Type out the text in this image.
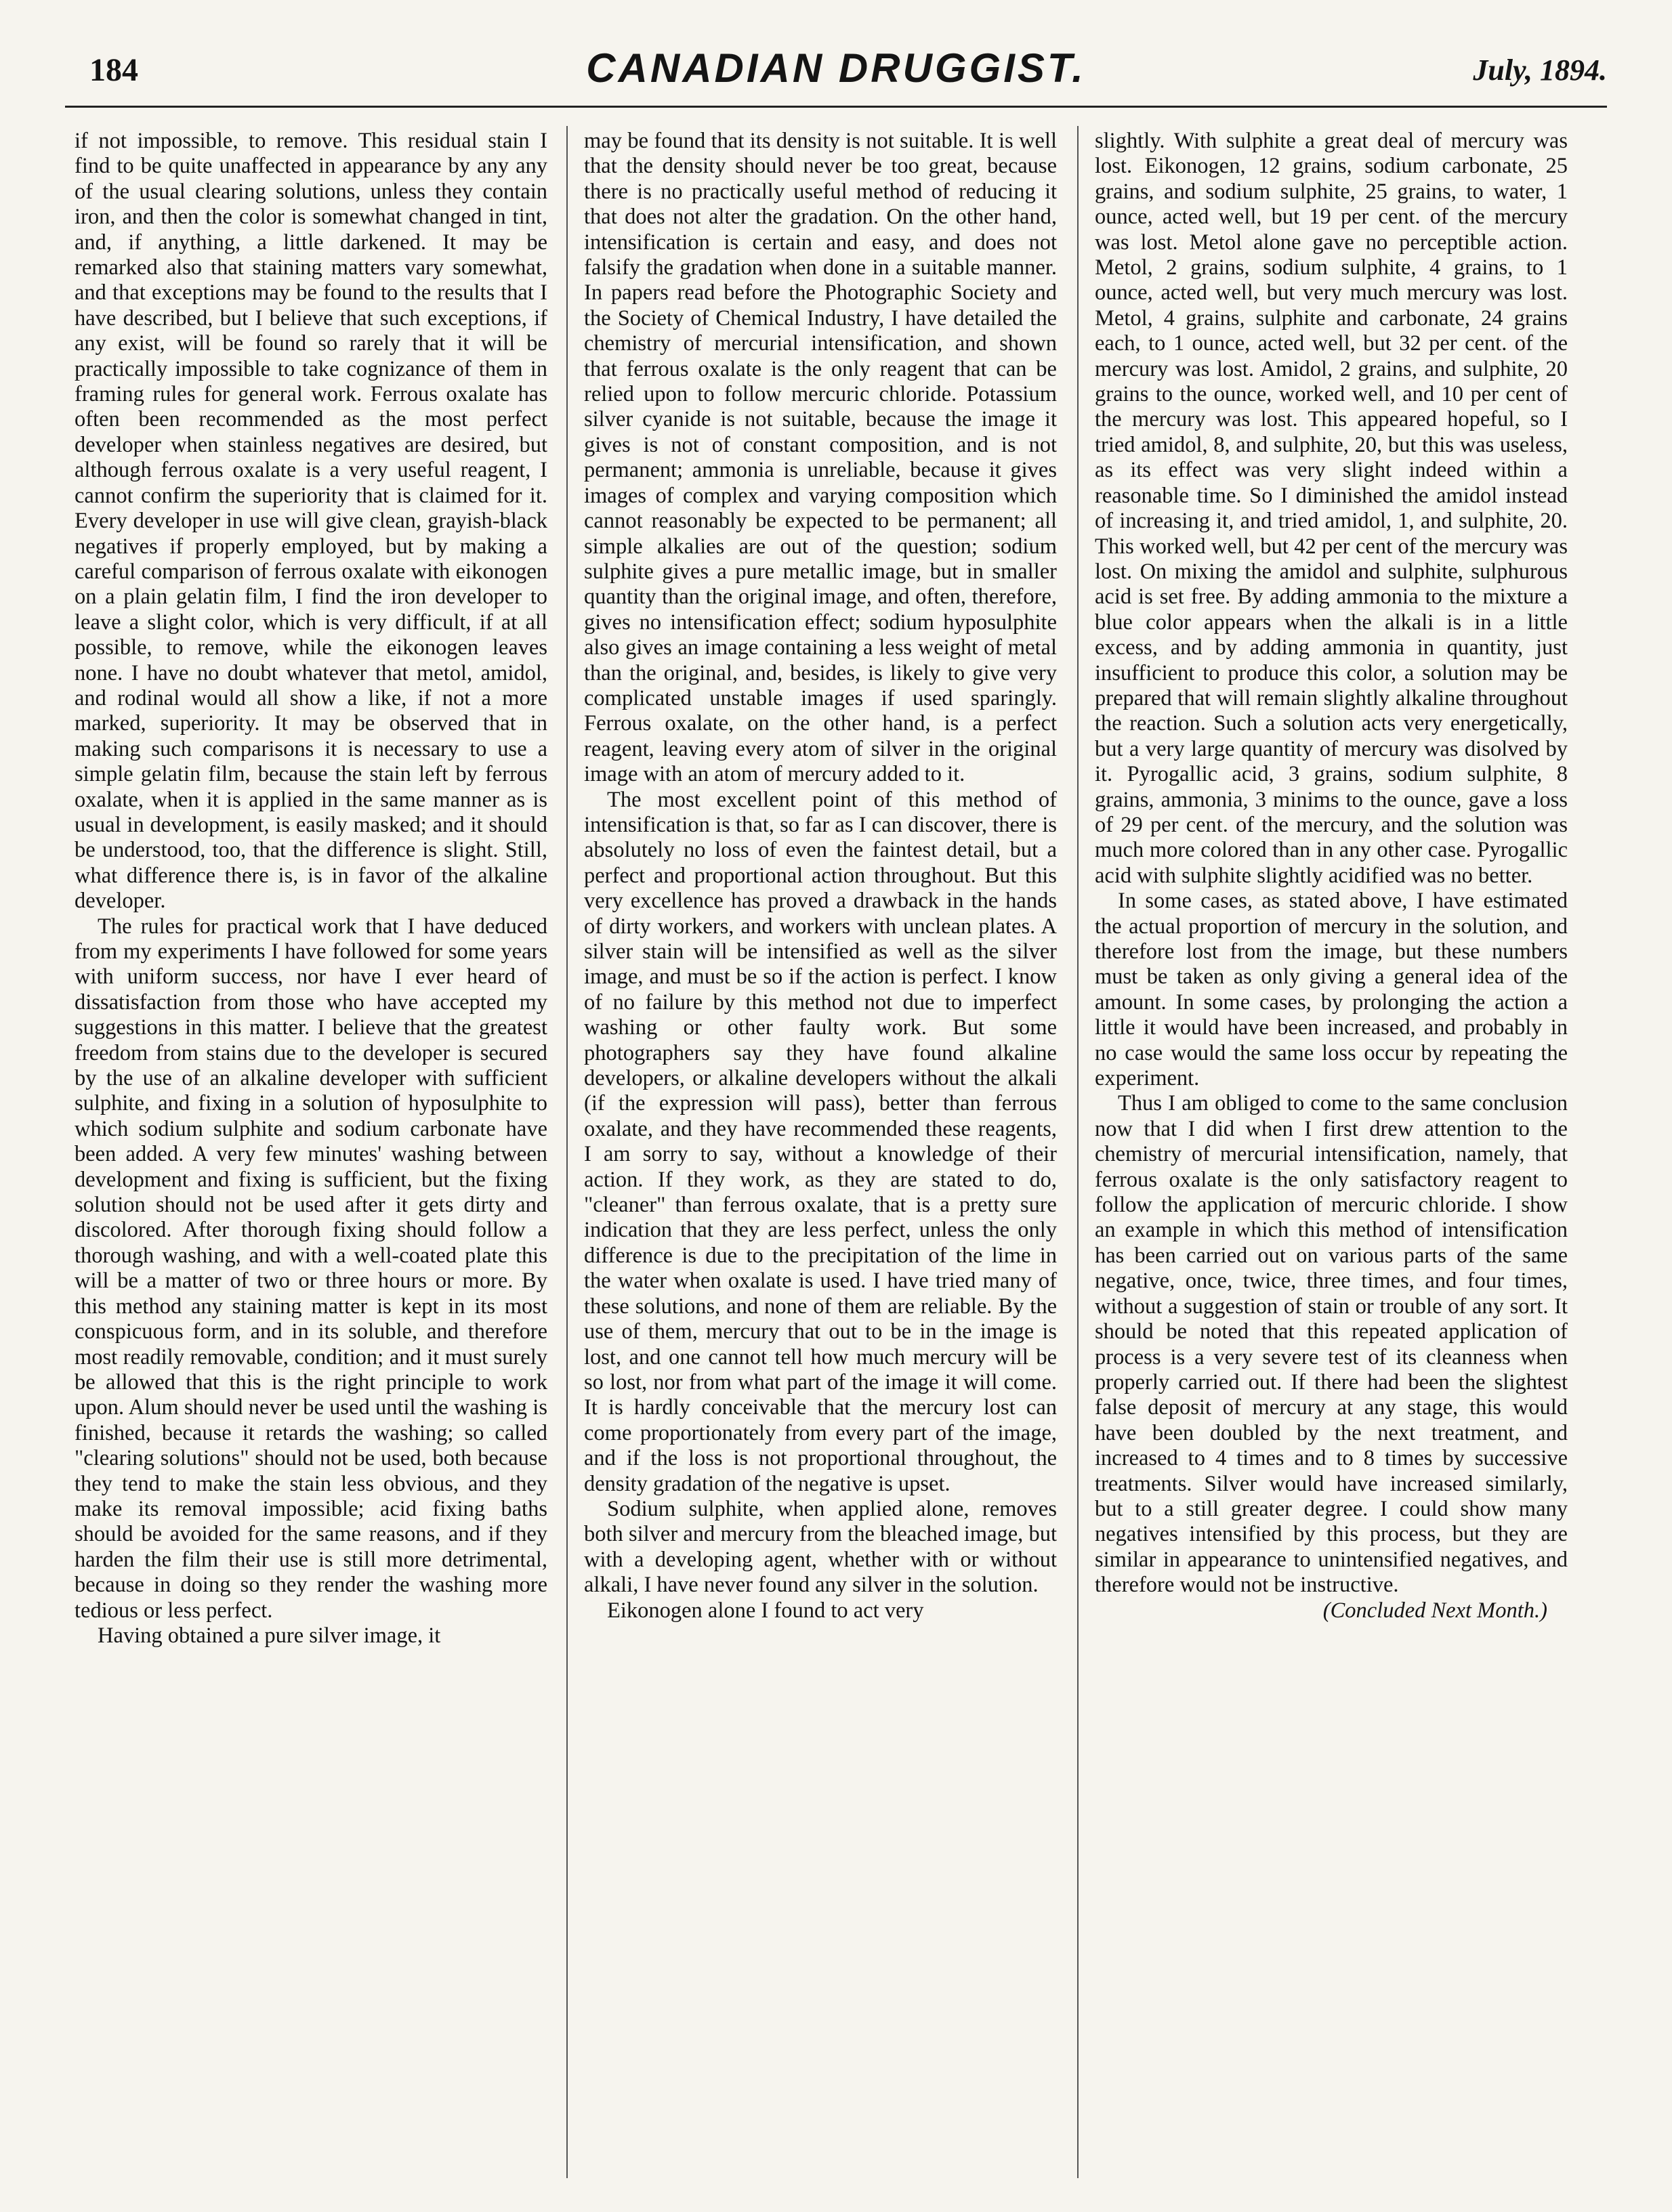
184	CANADIAN DRUGGIST.	July, 1894.

if not impossible, to remove. This residual stain I find to be quite unaffected in appearance by any any of the usual clearing solutions, unless they contain iron, and then the color is somewhat changed in tint, and, if anything, a little darkened. It may be remarked also that staining matters vary somewhat, and that exceptions may be found to the results that I have described, but I believe that such exceptions, if any exist, will be found so rarely that it will be practically impossible to take cognizance of them in framing rules for general work. Ferrous oxalate has often been recommended as the most perfect developer when stainless negatives are desired, but although ferrous oxalate is a very useful reagent, I cannot confirm the superiority that is claimed for it. Every developer in use will give clean, grayish-black negatives if properly employed, but by making a careful comparison of ferrous oxalate with eikonogen on a plain gelatin film, I find the iron developer to leave a slight color, which is very difficult, if at all possible, to remove, while the eikonogen leaves none. I have no doubt whatever that metol, amidol, and rodinal would all show a like, if not a more marked, superiority. It may be observed that in making such comparisons it is necessary to use a simple gelatin film, because the stain left by ferrous oxalate, when it is applied in the same manner as is usual in development, is easily masked; and it should be understood, too, that the difference is slight. Still, what difference there is, is in favor of the alkaline developer.

The rules for practical work that I have deduced from my experiments I have followed for some years with uniform success, nor have I ever heard of dissatisfaction from those who have accepted my suggestions in this matter. I believe that the greatest freedom from stains due to the developer is secured by the use of an alkaline developer with sufficient sulphite, and fixing in a solution of hyposulphite to which sodium sulphite and sodium carbonate have been added. A very few minutes' washing between development and fixing is sufficient, but the fixing solution should not be used after it gets dirty and discolored. After thorough fixing should follow a thorough washing, and with a well-coated plate this will be a matter of two or three hours or more. By this method any staining matter is kept in its most conspicuous form, and in its soluble, and therefore most readily removable, condition; and it must surely be allowed that this is the right principle to work upon. Alum should never be used until the washing is finished, because it retards the washing; so called "clearing solutions" should not be used, both because they tend to make the stain less obvious, and they make its removal impossible; acid fixing baths should be avoided for the same reasons, and if they harden the film their use is still more detrimental, because in doing so they render the washing more tedious or less perfect.

Having obtained a pure silver image, it

may be found that its density is not suitable. It is well that the density should never be too great, because there is no practically useful method of reducing it that does not alter the gradation. On the other hand, intensification is certain and easy, and does not falsify the gradation when done in a suitable manner. In papers read before the Photographic Society and the Society of Chemical Industry, I have detailed the chemistry of mercurial intensification, and shown that ferrous oxalate is the only reagent that can be relied upon to follow mercuric chloride. Potassium silver cyanide is not suitable, because the image it gives is not of constant composition, and is not permanent; ammonia is unreliable, because it gives images of complex and varying composition which cannot reasonably be expected to be permanent; all simple alkalies are out of the question; sodium sulphite gives a pure metallic image, but in smaller quantity than the original image, and often, therefore, gives no intensification effect; sodium hyposulphite also gives an image containing a less weight of metal than the original, and, besides, is likely to give very complicated unstable images if used sparingly. Ferrous oxalate, on the other hand, is a perfect reagent, leaving every atom of silver in the original image with an atom of mercury added to it.

The most excellent point of this method of intensification is that, so far as I can discover, there is absolutely no loss of even the faintest detail, but a perfect and proportional action throughout. But this very excellence has proved a drawback in the hands of dirty workers, and workers with unclean plates. A silver stain will be intensified as well as the silver image, and must be so if the action is perfect. I know of no failure by this method not due to imperfect washing or other faulty work. But some photographers say they have found alkaline developers, or alkaline developers without the alkali (if the expression will pass), better than ferrous oxalate, and they have recommended these reagents, I am sorry to say, without a knowledge of their action. If they work, as they are stated to do, "cleaner" than ferrous oxalate, that is a pretty sure indication that they are less perfect, unless the only difference is due to the precipitation of the lime in the water when oxalate is used. I have tried many of these solutions, and none of them are reliable. By the use of them, mercury that out to be in the image is lost, and one cannot tell how much mercury will be so lost, nor from what part of the image it will come. It is hardly conceivable that the mercury lost can come proportionately from every part of the image, and if the loss is not proportional throughout, the density gradation of the negative is upset.

Sodium sulphite, when applied alone, removes both silver and mercury from the bleached image, but with a developing agent, whether with or without alkali, I have never found any silver in the solution.

Eikonogen alone I found to act very

slightly. With sulphite a great deal of mercury was lost. Eikonogen, 12 grains, sodium carbonate, 25 grains, and sodium sulphite, 25 grains, to water, 1 ounce, acted well, but 19 per cent. of the mercury was lost. Metol alone gave no perceptible action. Metol, 2 grains, sodium sulphite, 4 grains, to 1 ounce, acted well, but very much mercury was lost. Metol, 4 grains, sulphite and carbonate, 24 grains each, to 1 ounce, acted well, but 32 per cent. of the mercury was lost. Amidol, 2 grains, and sulphite, 20 grains to the ounce, worked well, and 10 per cent of the mercury was lost. This appeared hopeful, so I tried amidol, 8, and sulphite, 20, but this was useless, as its effect was very slight indeed within a reasonable time. So I diminished the amidol instead of increasing it, and tried amidol, 1, and sulphite, 20. This worked well, but 42 per cent of the mercury was lost. On mixing the amidol and sulphite, sulphurous acid is set free. By adding ammonia to the mixture a blue color appears when the alkali is in a little excess, and by adding ammonia in quantity, just insufficient to produce this color, a solution may be prepared that will remain slightly alkaline throughout the reaction. Such a solution acts very energetically, but a very large quantity of mercury was disolved by it. Pyrogallic acid, 3 grains, sodium sulphite, 8 grains, ammonia, 3 minims to the ounce, gave a loss of 29 per cent. of the mercury, and the solution was much more colored than in any other case. Pyrogallic acid with sulphite slightly acidified was no better.

In some cases, as stated above, I have estimated the actual proportion of mercury in the solution, and therefore lost from the image, but these numbers must be taken as only giving a general idea of the amount. In some cases, by prolonging the action a little it would have been increased, and probably in no case would the same loss occur by repeating the experiment.

Thus I am obliged to come to the same conclusion now that I did when I first drew attention to the chemistry of mercurial intensification, namely, that ferrous oxalate is the only satisfactory reagent to follow the application of mercuric chloride. I show an example in which this method of intensification has been carried out on various parts of the same negative, once, twice, three times, and four times, without a suggestion of stain or trouble of any sort. It should be noted that this repeated application of process is a very severe test of its cleanness when properly carried out. If there had been the slightest false deposit of mercury at any stage, this would have been doubled by the next treatment, and increased to 4 times and to 8 times by successive treatments. Silver would have increased similarly, but to a still greater degree. I could show many negatives intensified by this process, but they are similar in appearance to unintensified negatives, and therefore would not be instructive.

(Concluded Next Month.)
